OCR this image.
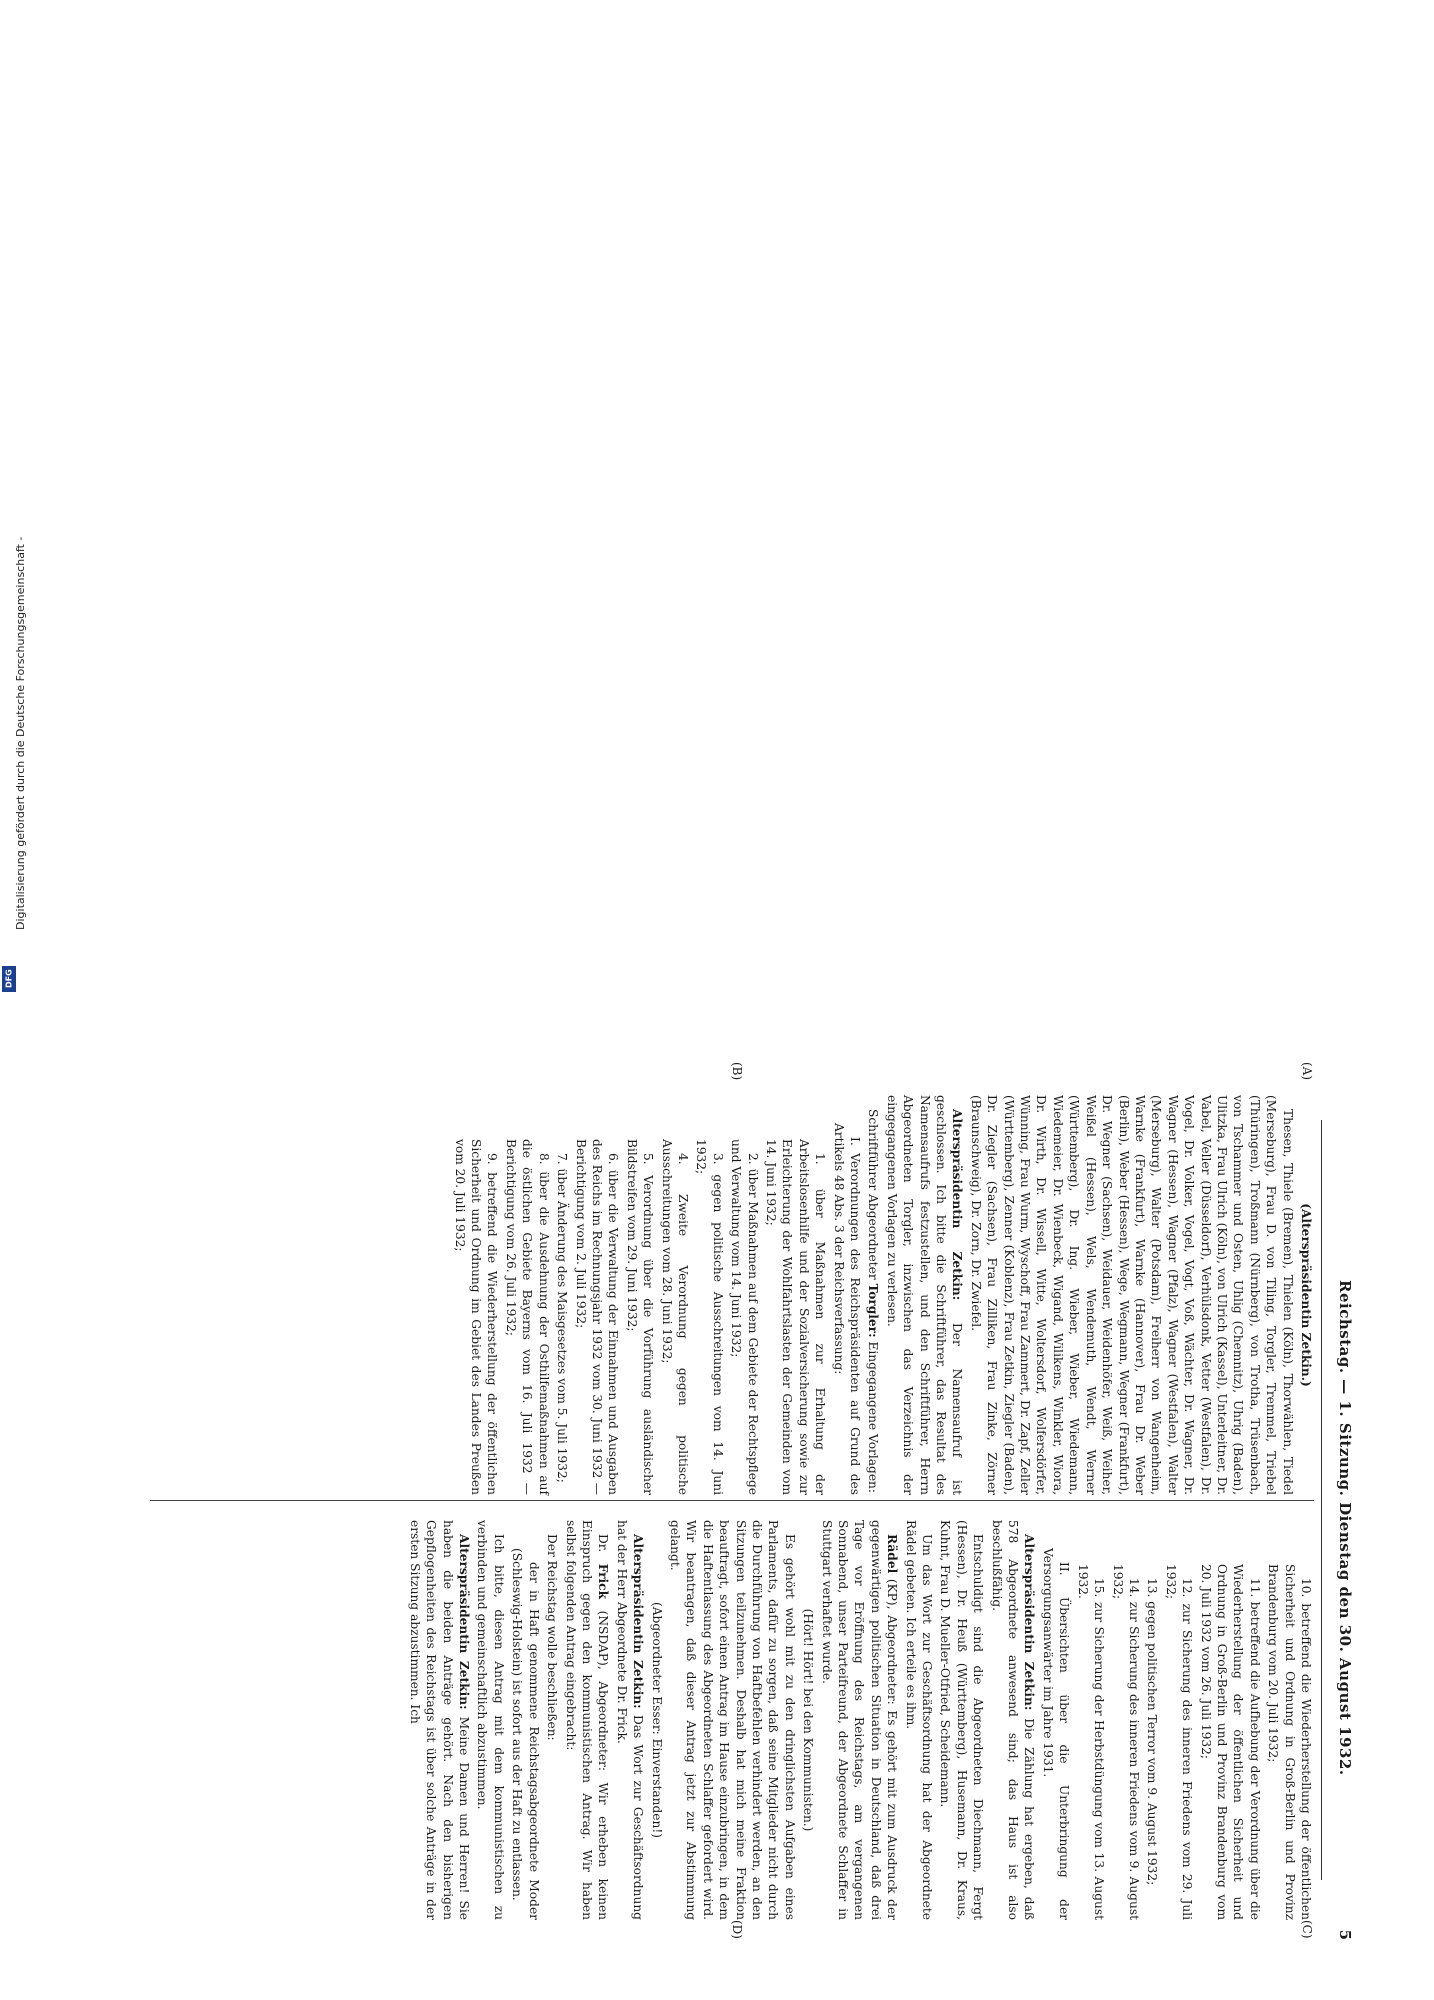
Digitalisierung gefördert durch die Deutsche Forschungsgemeinschaft -
DFG
Reichstag. — 1. Sitzung. Dienstag den 30. August 1932.
5
(A)
(B)
(C)
(D)

(Alterspräsidentin Zetkin.)

Thesen, Thiele (Bremen), Thielen (Köln), Thorwählen, Tiedel (Merseburg), Frau D. von Tiling, Torgler, Tremmel, Triebel (Thüringen), Troßmann (Nürnberg), von Trotha, Trüsenbach, von Tschammer und Osten, Uhlig (Chemnitz), Uhrig (Baden), Ulitzka, Frau Ulrich (Köln), von Ulrich (Kassel), Unterleitner, Dr. Vabel, Veller (Düsseldorf), Verhülsdonk, Vetter (Westfalen), Dr. Vogel, Dr. Volker, Vogel, Vogt, Voß, Wächter, Dr. Wagner, Dr. Wagner (Hessen), Wagner (Pfalz), Wagner (Westfalen), Walter (Merseburg), Walter (Potsdam), Freiherr von Wangenheim, Warnke (Frankfurt), Warnke (Hannover), Frau Dr. Weber (Berlin), Weber (Hessen), Wege, Wegmann, Wegner (Frankfurt), Dr. Wegner (Sachsen), Weidauer, Weidenhöfer, Weiß, Weiher, Weißel (Hessen), Wels, Wendemuth, Wendt, Werner (Württemberg), Dr. Ing. Wieber, Wieber, Wiedemann, Wiedemeier, Dr. Wienbeck, Wigand, Wilikens, Winkler, Wiora, Dr. Wirth, Dr. Wissell, Witte, Woltersdorf, Wolfersdörfer, Wünning, Frau Wurm, Wyschoff, Frau Zammert, Dr. Zapf, Zeller (Württemberg), Zenner (Koblenz), Frau Zetkin, Ziegler (Baden), Dr. Ziegler (Sachsen), Frau Zilliken, Frau Zinke, Zörner (Braunschweig), Dr. Zorn, Dr. Zwiefel.

Alterspräsidentin Zetkin: Der Namensaufruf ist geschlossen. Ich bitte die Schriftführer, das Resultat des Namensaufrufs festzustellen, und den Schriftführer, Herrn Abgeordneten Torgler, inzwischen das Verzeichnis der eingegangenen Vorlagen zu verlesen.

Schriftführer Abgeordneter Torgler: Eingegangene Vorlagen:

I. Verordnungen des Reichspräsidenten auf Grund des Artikels 48 Abs. 3 der Reichsverfassung:

1. über Maßnahmen zur Erhaltung der Arbeitslosenhilfe und der Sozialversicherung sowie zur Erleichterung der Wohlfahrtslasten der Gemeinden vom 14. Juni 1932;

2. über Maßnahmen auf dem Gebiete der Rechtspflege und Verwaltung vom 14. Juni 1932;

3. gegen politische Ausschreitungen vom 14. Juni 1932;

4. Zweite Verordnung gegen politische Ausschreitungen vom 28. Juni 1932;

5. Verordnung über die Vorführung ausländischer Bildstreifen vom 29. Juni 1932;

6. über die Verwaltung der Einnahmen und Ausgaben des Reichs im Rechnungsjahr 1932 vom 30. Juni 1932 — Berichtigung vom 2. Juli 1932;

7. über Änderung des Maisgesetzes vom 5. Juli 1932;

8. über die Ausdehnung der Osthilfemaßnahmen auf die östlichen Gebiete Bayerns vom 16. Juli 1932 — Berichtigung vom 26. Juli 1932;

9. betreffend die Wiederherstellung der öffentlichen Sicherheit und Ordnung im Gebiet des Landes Preußen vom 20. Juli 1932;

10. betreffend die Wiederherstellung der öffentlichen Sicherheit und Ordnung in Groß-Berlin und Provinz Brandenburg vom 20. Juli 1932;

11. betreffend die Aufhebung der Verordnung über die Wiederherstellung der öffentlichen Sicherheit und Ordnung in Groß-Berlin und Provinz Brandenburg vom 20. Juli 1932 vom 26. Juli 1932;

12. zur Sicherung des inneren Friedens vom 29. Juli 1932;

13. gegen politischen Terror vom 9. August 1932;

14. zur Sicherung des inneren Friedens vom 9. August 1932;

15. zur Sicherung der Herbstdüngung vom 13. August 1932.

II. Übersichten über die Unterbringung der Versorgungsanwärter im Jahre 1931.

Alterspräsidentin Zetkin: Die Zählung hat ergeben, daß 578 Abgeordnete anwesend sind; das Haus ist also beschlußfähig.

Entschuldigt sind die Abgeordneten Diechmann, Fergt (Hessen), Dr. Heuß (Württemberg), Husemann, Dr. Kraus, Kuhnt, Frau D. Mueller-Otfried, Scheidemann.

Um das Wort zur Geschäftsordnung hat der Abgeordnete Rädel gebeten. Ich erteile es ihm.

Rädel (KP), Abgeordneter: Es gehört mit zum Ausdruck der gegenwärtigen politischen Situation in Deutschland, daß drei Tage vor Eröffnung des Reichstags, am vergangenen Sonnabend, unser Parteifreund, der Abgeordnete Schlaffer in Stuttgart verhaftet wurde.

(Hört! Hört! bei den Kommunisten.)

Es gehört wohl mit zu den dringlichsten Aufgaben eines Parlaments, dafür zu sorgen, daß seine Mitglieder nicht durch die Durchführung von Haftbefehlen verhindert werden, an den Sitzungen teilzunehmen. Deshalb hat mich meine Fraktion beauftragt, sofort einen Antrag im Hause einzubringen, in dem die Haftentlassung des Abgeordneten Schlaffer gefordert wird. Wir beantragen, daß dieser Antrag jetzt zur Abstimmung gelangt.

(Abgeordneter Esser: Einverstanden!)

Alterspräsidentin Zetkin: Das Wort zur Geschäftsordnung hat der Herr Abgeordnete Dr. Frick.

Dr. Frick (NSDAP), Abgeordneter: Wir erheben keinen Einspruch gegen den kommunistischen Antrag. Wir haben selbst folgenden Antrag eingebracht:

Der Reichstag wolle beschließen:

der in Haft genommene Reichstagsabgeordnete Moder (Schleswig-Holstein) ist sofort aus der Haft zu entlassen.

Ich bitte, diesen Antrag mit dem kommunistischen zu verbinden und gemeinschaftlich abzustimmen.

Alterspräsidentin Zetkin: Meine Damen und Herren! Sie haben die beiden Anträge gehört. Nach den bisherigen Gepflogenheiten des Reichstags ist über solche Anträge in der ersten Sitzung abzustimmen. Ich
